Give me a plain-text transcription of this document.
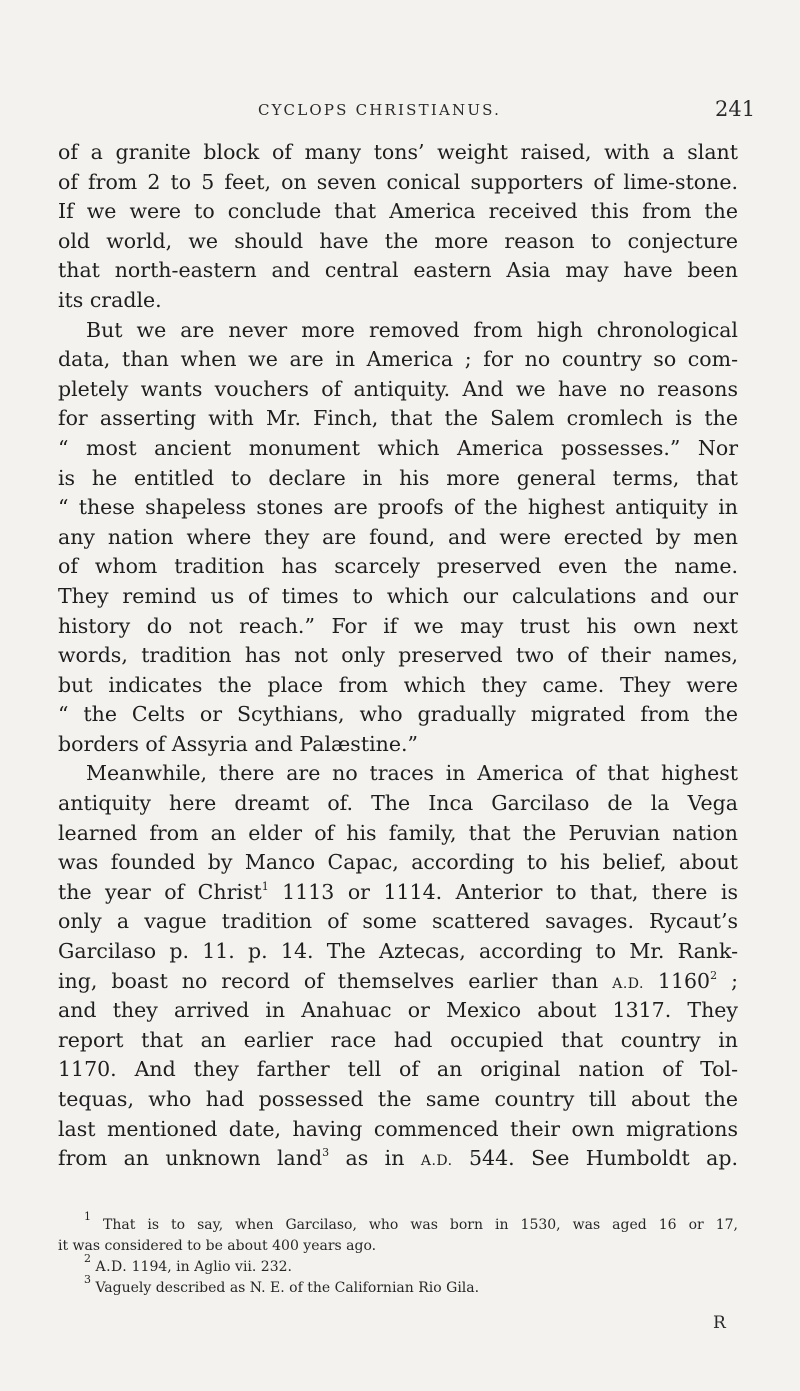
CYCLOPS CHRISTIANUS.	241
of a granite block of many tons’ weight raised, with a slant
of from 2 to 5 feet, on seven conical supporters of lime-stone.
If we were to conclude that America received this from the
old world, we should have the more reason to conjecture
that north-eastern and central eastern Asia may have been
its cradle.
But we are never more removed from high chronological
data, than when we are in America ; for no country so com-
pletely wants vouchers of antiquity. And we have no reasons
for asserting with Mr. Finch, that the Salem cromlech is the
“ most ancient monument which America possesses.” Nor
is he entitled to declare in his more general terms, that
“ these shapeless stones are proofs of the highest antiquity in
any nation where they are found, and were erected by men
of whom tradition has scarcely preserved even the name.
They remind us of times to which our calculations and our
history do not reach.” For if we may trust his own next
words, tradition has not only preserved two of their names,
but indicates the place from which they came. They were
“ the Celts or Scythians, who gradually migrated from the
borders of Assyria and Palæstine.”
Meanwhile, there are no traces in America of that highest
antiquity here dreamt of. The Inca Garcilaso de la Vega
learned from an elder of his family, that the Peruvian nation
was founded by Manco Capac, according to his belief, about
the year of Christ$^1$ 1113 or 1114. Anterior to that, there is
only a vague tradition of some scattered savages. Rycaut’s
Garcilaso p. 11. p. 14. The Aztecas, according to Mr. Rank-
ing, boast no record of themselves earlier than A.D. 1160$^2$ ;
and they arrived in Anahuac or Mexico about 1317. They
report that an earlier race had occupied that country in
1170. And they farther tell of an original nation of Tol-
tequas, who had possessed the same country till about the
last mentioned date, having commenced their own migrations
from an unknown land$^3$ as in A.D. 544. See Humboldt ap.
$^1$ That is to say, when Garcilaso, who was born in 1530, was aged 16 or 17,
it was considered to be about 400 years ago.
$^2$ A.D. 1194, in Aglio vii. 232.
$^3$ Vaguely described as N. E. of the Californian Rio Gila.
R
